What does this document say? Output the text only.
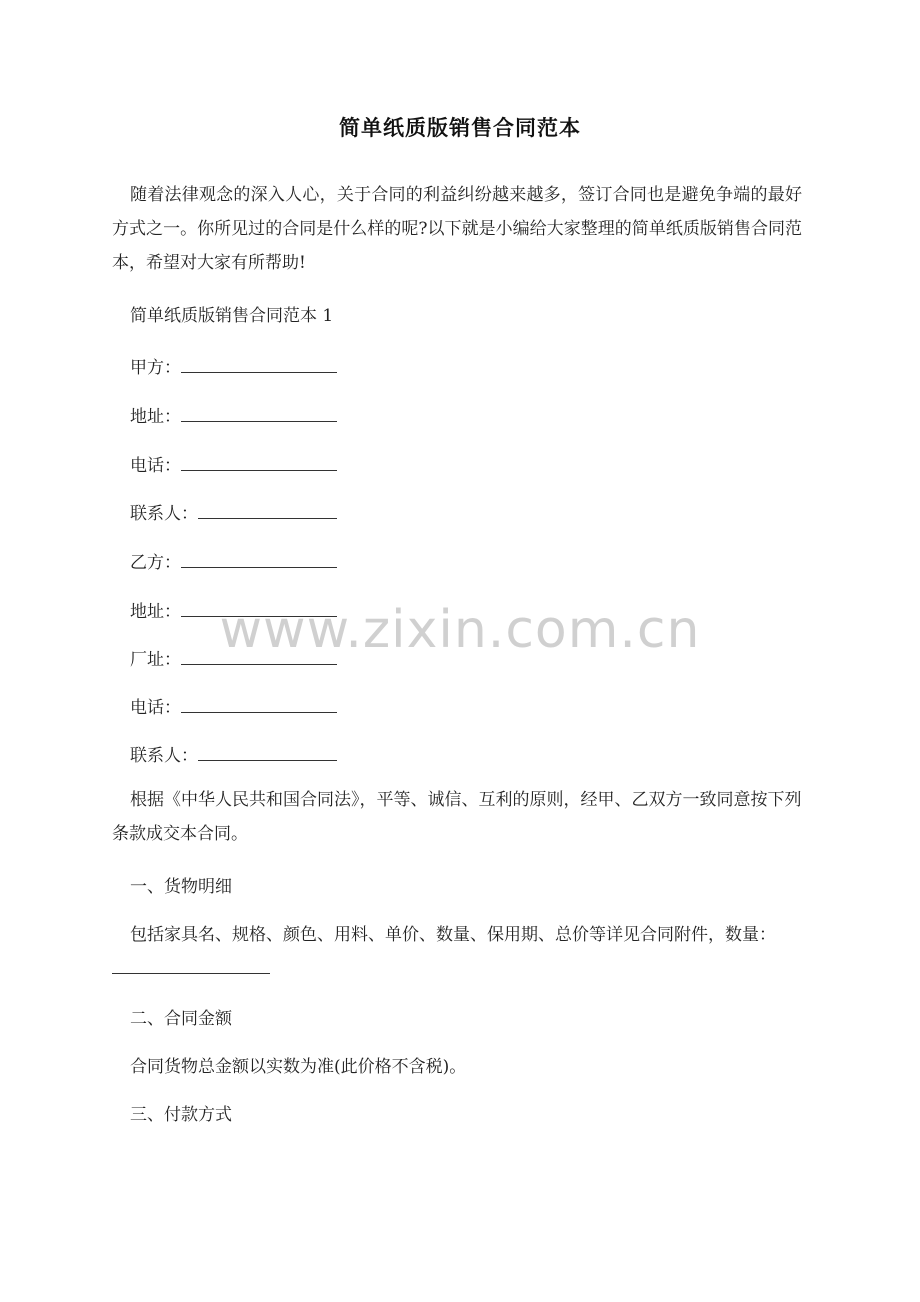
简单纸质版销售合同范本

随着法律观念的深入人心，关于合同的利益纠纷越来越多，签订合同也是避免争端的最好方式之一。你所见过的合同是什么样的呢?以下就是小编给大家整理的简单纸质版销售合同范本，希望对大家有所帮助!

简单纸质版销售合同范本 1
甲方：
地址：
电话：
联系人：
乙方：
地址：
厂址：
电话：
联系人：

根据《中华人民共和国合同法》，平等、诚信、互利的原则，经甲、乙双方一致同意按下列条款成交本合同。

一、货物明细

包括家具名、规格、颜色、用料、单价、数量、保用期、总价等详见合同附件，数量：

二、合同金额
合同货物总金额以实数为准(此价格不含税)。
三、付款方式
www.zixin.com.cn
